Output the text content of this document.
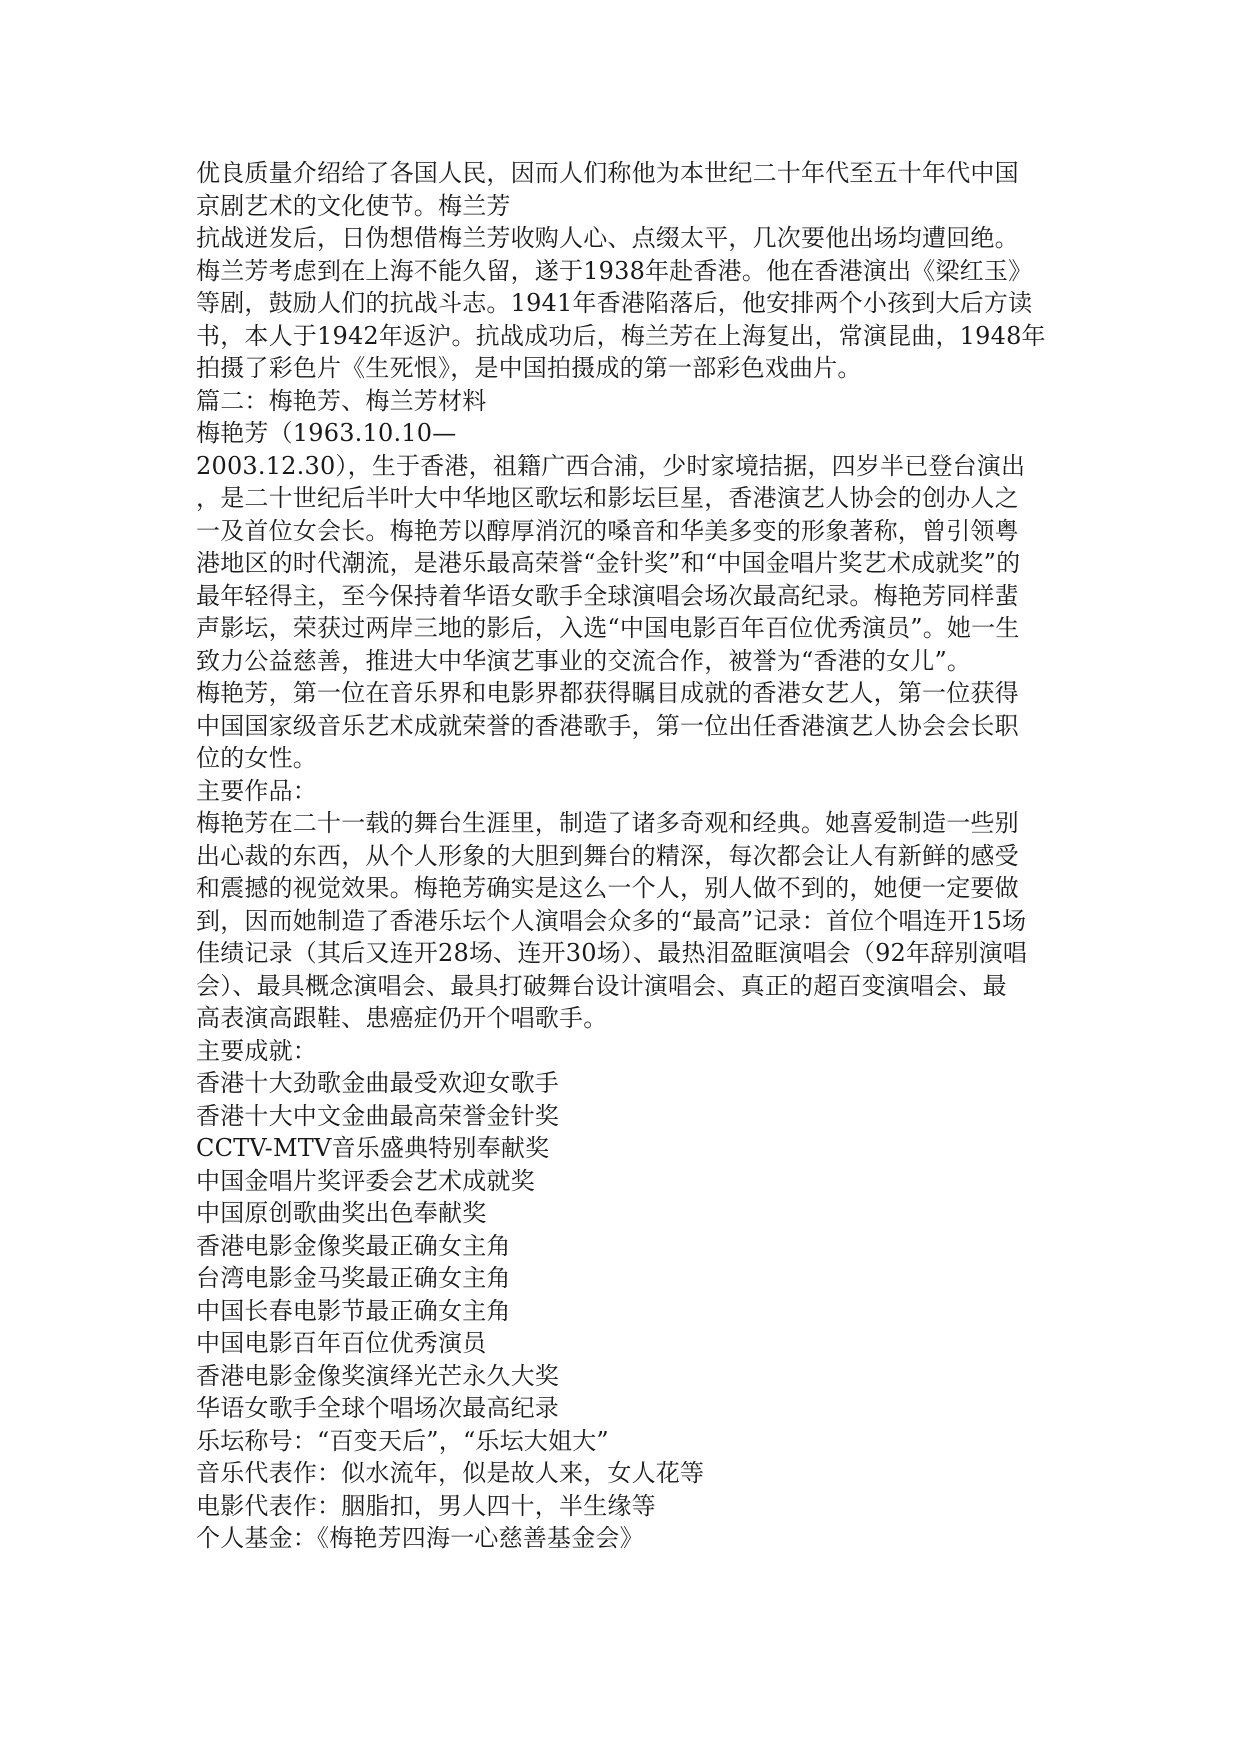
优良质量介绍给了各国人民，因而人们称他为本世纪二十年代至五十年代中国
京剧艺术的文化使节。梅兰芳
抗战迸发后，日伪想借梅兰芳收购人心、点缀太平，几次要他出场均遭回绝。
梅兰芳考虑到在上海不能久留，遂于1938年赴香港。他在香港演出《梁红玉》
等剧，鼓励人们的抗战斗志。1941年香港陷落后，他安排两个小孩到大后方读
书，本人于1942年返沪。抗战成功后，梅兰芳在上海复出，常演昆曲，1948年
拍摄了彩色片《生死恨》，是中国拍摄成的第一部彩色戏曲片。
篇二：梅艳芳、梅兰芳材料
梅艳芳（1963.10.10—
2003.12.30），生于香港，祖籍广西合浦，少时家境拮据，四岁半已登台演出
，是二十世纪后半叶大中华地区歌坛和影坛巨星，香港演艺人协会的创办人之
一及首位女会长。梅艳芳以醇厚消沉的嗓音和华美多变的形象著称，曾引领粤
港地区的时代潮流，是港乐最高荣誉“金针奖”和“中国金唱片奖艺术成就奖”的
最年轻得主，至今保持着华语女歌手全球演唱会场次最高纪录。梅艳芳同样蜚
声影坛，荣获过两岸三地的影后，入选“中国电影百年百位优秀演员”。她一生
致力公益慈善，推进大中华演艺事业的交流合作，被誉为“香港的女儿”。
梅艳芳，第一位在音乐界和电影界都获得瞩目成就的香港女艺人，第一位获得
中国国家级音乐艺术成就荣誉的香港歌手，第一位出任香港演艺人协会会长职
位的女性。
主要作品：
梅艳芳在二十一载的舞台生涯里，制造了诸多奇观和经典。她喜爱制造一些别
出心裁的东西，从个人形象的大胆到舞台的精深，每次都会让人有新鲜的感受
和震撼的视觉效果。梅艳芳确实是这么一个人，别人做不到的，她便一定要做
到，因而她制造了香港乐坛个人演唱会众多的“最高”记录：首位个唱连开15场
佳绩记录（其后又连开28场、连开30场）、最热泪盈眶演唱会（92年辞别演唱
会）、最具概念演唱会、最具打破舞台设计演唱会、真正的超百变演唱会、最
高表演高跟鞋、患癌症仍开个唱歌手。
主要成就：
香港十大劲歌金曲最受欢迎女歌手
香港十大中文金曲最高荣誉金针奖
CCTV-MTV音乐盛典特别奉献奖
中国金唱片奖评委会艺术成就奖
中国原创歌曲奖出色奉献奖
香港电影金像奖最正确女主角
台湾电影金马奖最正确女主角
中国长春电影节最正确女主角
中国电影百年百位优秀演员
香港电影金像奖演绎光芒永久大奖
华语女歌手全球个唱场次最高纪录
乐坛称号：“百变天后”，“乐坛大姐大”
音乐代表作：似水流年，似是故人来，女人花等
电影代表作：胭脂扣，男人四十，半生缘等
个人基金：《梅艳芳四海一心慈善基金会》
